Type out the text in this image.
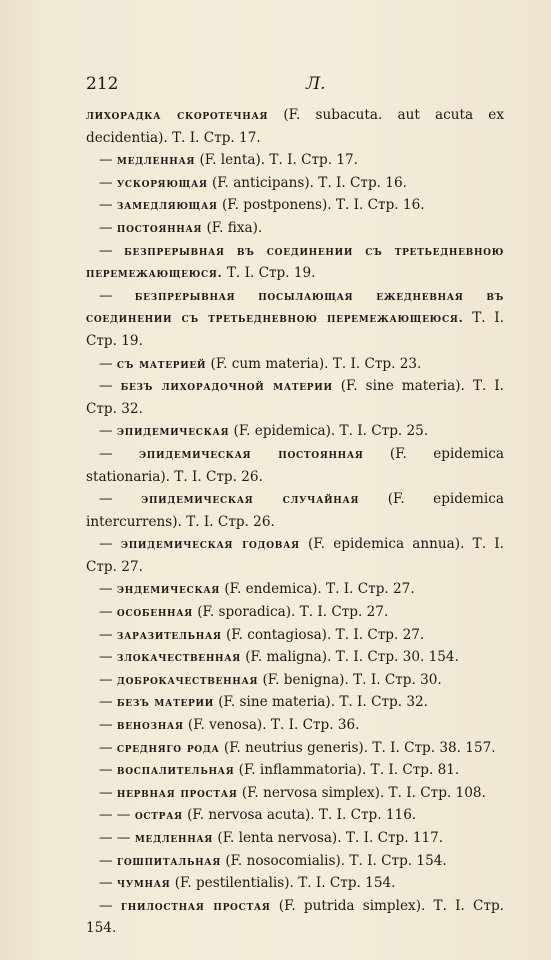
212	Л.

лихорадка скоротечная (F. subacuta. aut acuta ex decidentia). Т. I. Стр. 17.

— медленная (F. lenta). Т. I. Стр. 17.

— ускоряющая (F. anticipans). Т. I. Стр. 16.

— замедляющая (F. postponens). Т. I. Стр. 16.

— постоянная (F. fixa).

— безпрерывная въ соединении съ третьедневною перемежающеюся. Т. I. Стр. 19.

— безпрерывная посылающая ежедневная въ соединении съ третьедневною перемежающеюся. Т. I. Стр. 19.

— съ материей (F. cum materia). Т. I. Стр. 23.

— безъ лихорадочной материи (F. sine materia). Т. I. Стр. 32.

— эпидемическая (F. epidemica). Т. I. Стр. 25.

— эпидемическая постоянная (F. epidemica stationaria). Т. I. Стр. 26.

— эпидемическая случайная (F. epidemica intercurrens). Т. I. Стр. 26.

— эпидемическая годовая (F. epidemica annua). Т. I. Стр. 27.

— эндемическая (F. endemica). Т. I. Стр. 27.

— особенная (F. sporadica). Т. I. Стр. 27.

— заразительная (F. contagiosa). Т. I. Стр. 27.

— злокачественная (F. maligna). Т. I. Стр. 30. 154.

— доброкачественная (F. benigna). Т. I. Стр. 30.

— безъ материи (F. sine materia). Т. I. Стр. 32.

— венозная (F. venosa). Т. I. Стр. 36.

— средняго рода (F. neutrius generis). Т. I. Стр. 38. 157.

— воспалительная (F. inflammatoria). Т. I. Стр. 81.

— нервная простая (F. nervosa simplex). Т. I. Стр. 108.

— — острая (F. nervosa acuta). Т. I. Стр. 116.

— — медленная (F. lenta nervosa). Т. I. Стр. 117.

— гошпитальная (F. nosocomialis). Т. I. Стр. 154.

— чумная (F. pestilentialis). Т. I. Стр. 154.

— гнилостная простая (F. putrida simplex). Т. I. Стр. 154.
